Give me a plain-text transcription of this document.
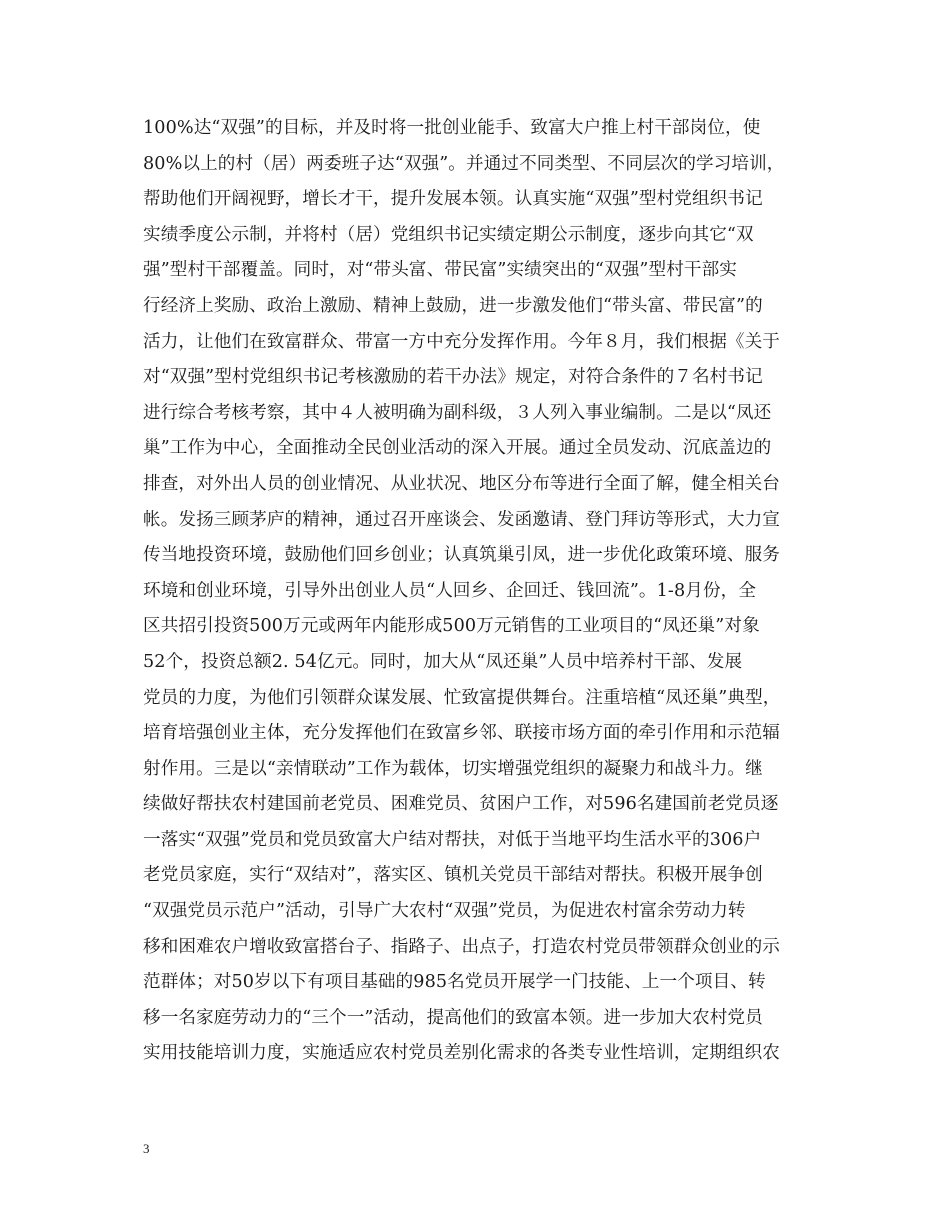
100%达“双强”的目标，并及时将一批创业能手、致富大户推上村干部岗位，使
80%以上的村（居）两委班子达“双强”。并通过不同类型、不同层次的学习培训，
帮助他们开阔视野，增长才干，提升发展本领。认真实施“双强”型村党组织书记
实绩季度公示制，并将村（居）党组织书记实绩定期公示制度，逐步向其它“双
强”型村干部覆盖。同时，对“带头富、带民富”实绩突出的“双强”型村干部实
行经济上奖励、政治上激励、精神上鼓励，进一步激发他们“带头富、带民富”的
活力，让他们在致富群众、带富一方中充分发挥作用。今年８月，我们根据《关于
对“双强”型村党组织书记考核激励的若干办法》规定，对符合条件的７名村书记
进行综合考核考察，其中４人被明确为副科级，３人列入事业编制。二是以“凤还
巢”工作为中心，全面推动全民创业活动的深入开展。通过全员发动、沉底盖边的
排查，对外出人员的创业情况、从业状况、地区分布等进行全面了解，健全相关台
帐。发扬三顾茅庐的精神，通过召开座谈会、发函邀请、登门拜访等形式，大力宣
传当地投资环境，鼓励他们回乡创业；认真筑巢引凤，进一步优化政策环境、服务
环境和创业环境，引导外出创业人员“人回乡、企回迁、钱回流”。1-8月份，全
区共招引投资500万元或两年内能形成500万元销售的工业项目的“凤还巢”对象
52个，投资总额2. 54亿元。同时，加大从“凤还巢”人员中培养村干部、发展
党员的力度，为他们引领群众谋发展、忙致富提供舞台。注重培植“凤还巢”典型，
培育培强创业主体，充分发挥他们在致富乡邻、联接市场方面的牵引作用和示范辐
射作用。三是以“亲情联动”工作为载体，切实增强党组织的凝聚力和战斗力。继
续做好帮扶农村建国前老党员、困难党员、贫困户工作，对596名建国前老党员逐
一落实“双强”党员和党员致富大户结对帮扶，对低于当地平均生活水平的306户
老党员家庭，实行“双结对”，落实区、镇机关党员干部结对帮扶。积极开展争创
“双强党员示范户”活动，引导广大农村“双强”党员，为促进农村富余劳动力转
移和困难农户增收致富搭台子、指路子、出点子，打造农村党员带领群众创业的示
范群体；对50岁以下有项目基础的985名党员开展学一门技能、上一个项目、转
移一名家庭劳动力的“三个一”活动，提高他们的致富本领。进一步加大农村党员
实用技能培训力度，实施适应农村党员差别化需求的各类专业性培训，定期组织农
3
